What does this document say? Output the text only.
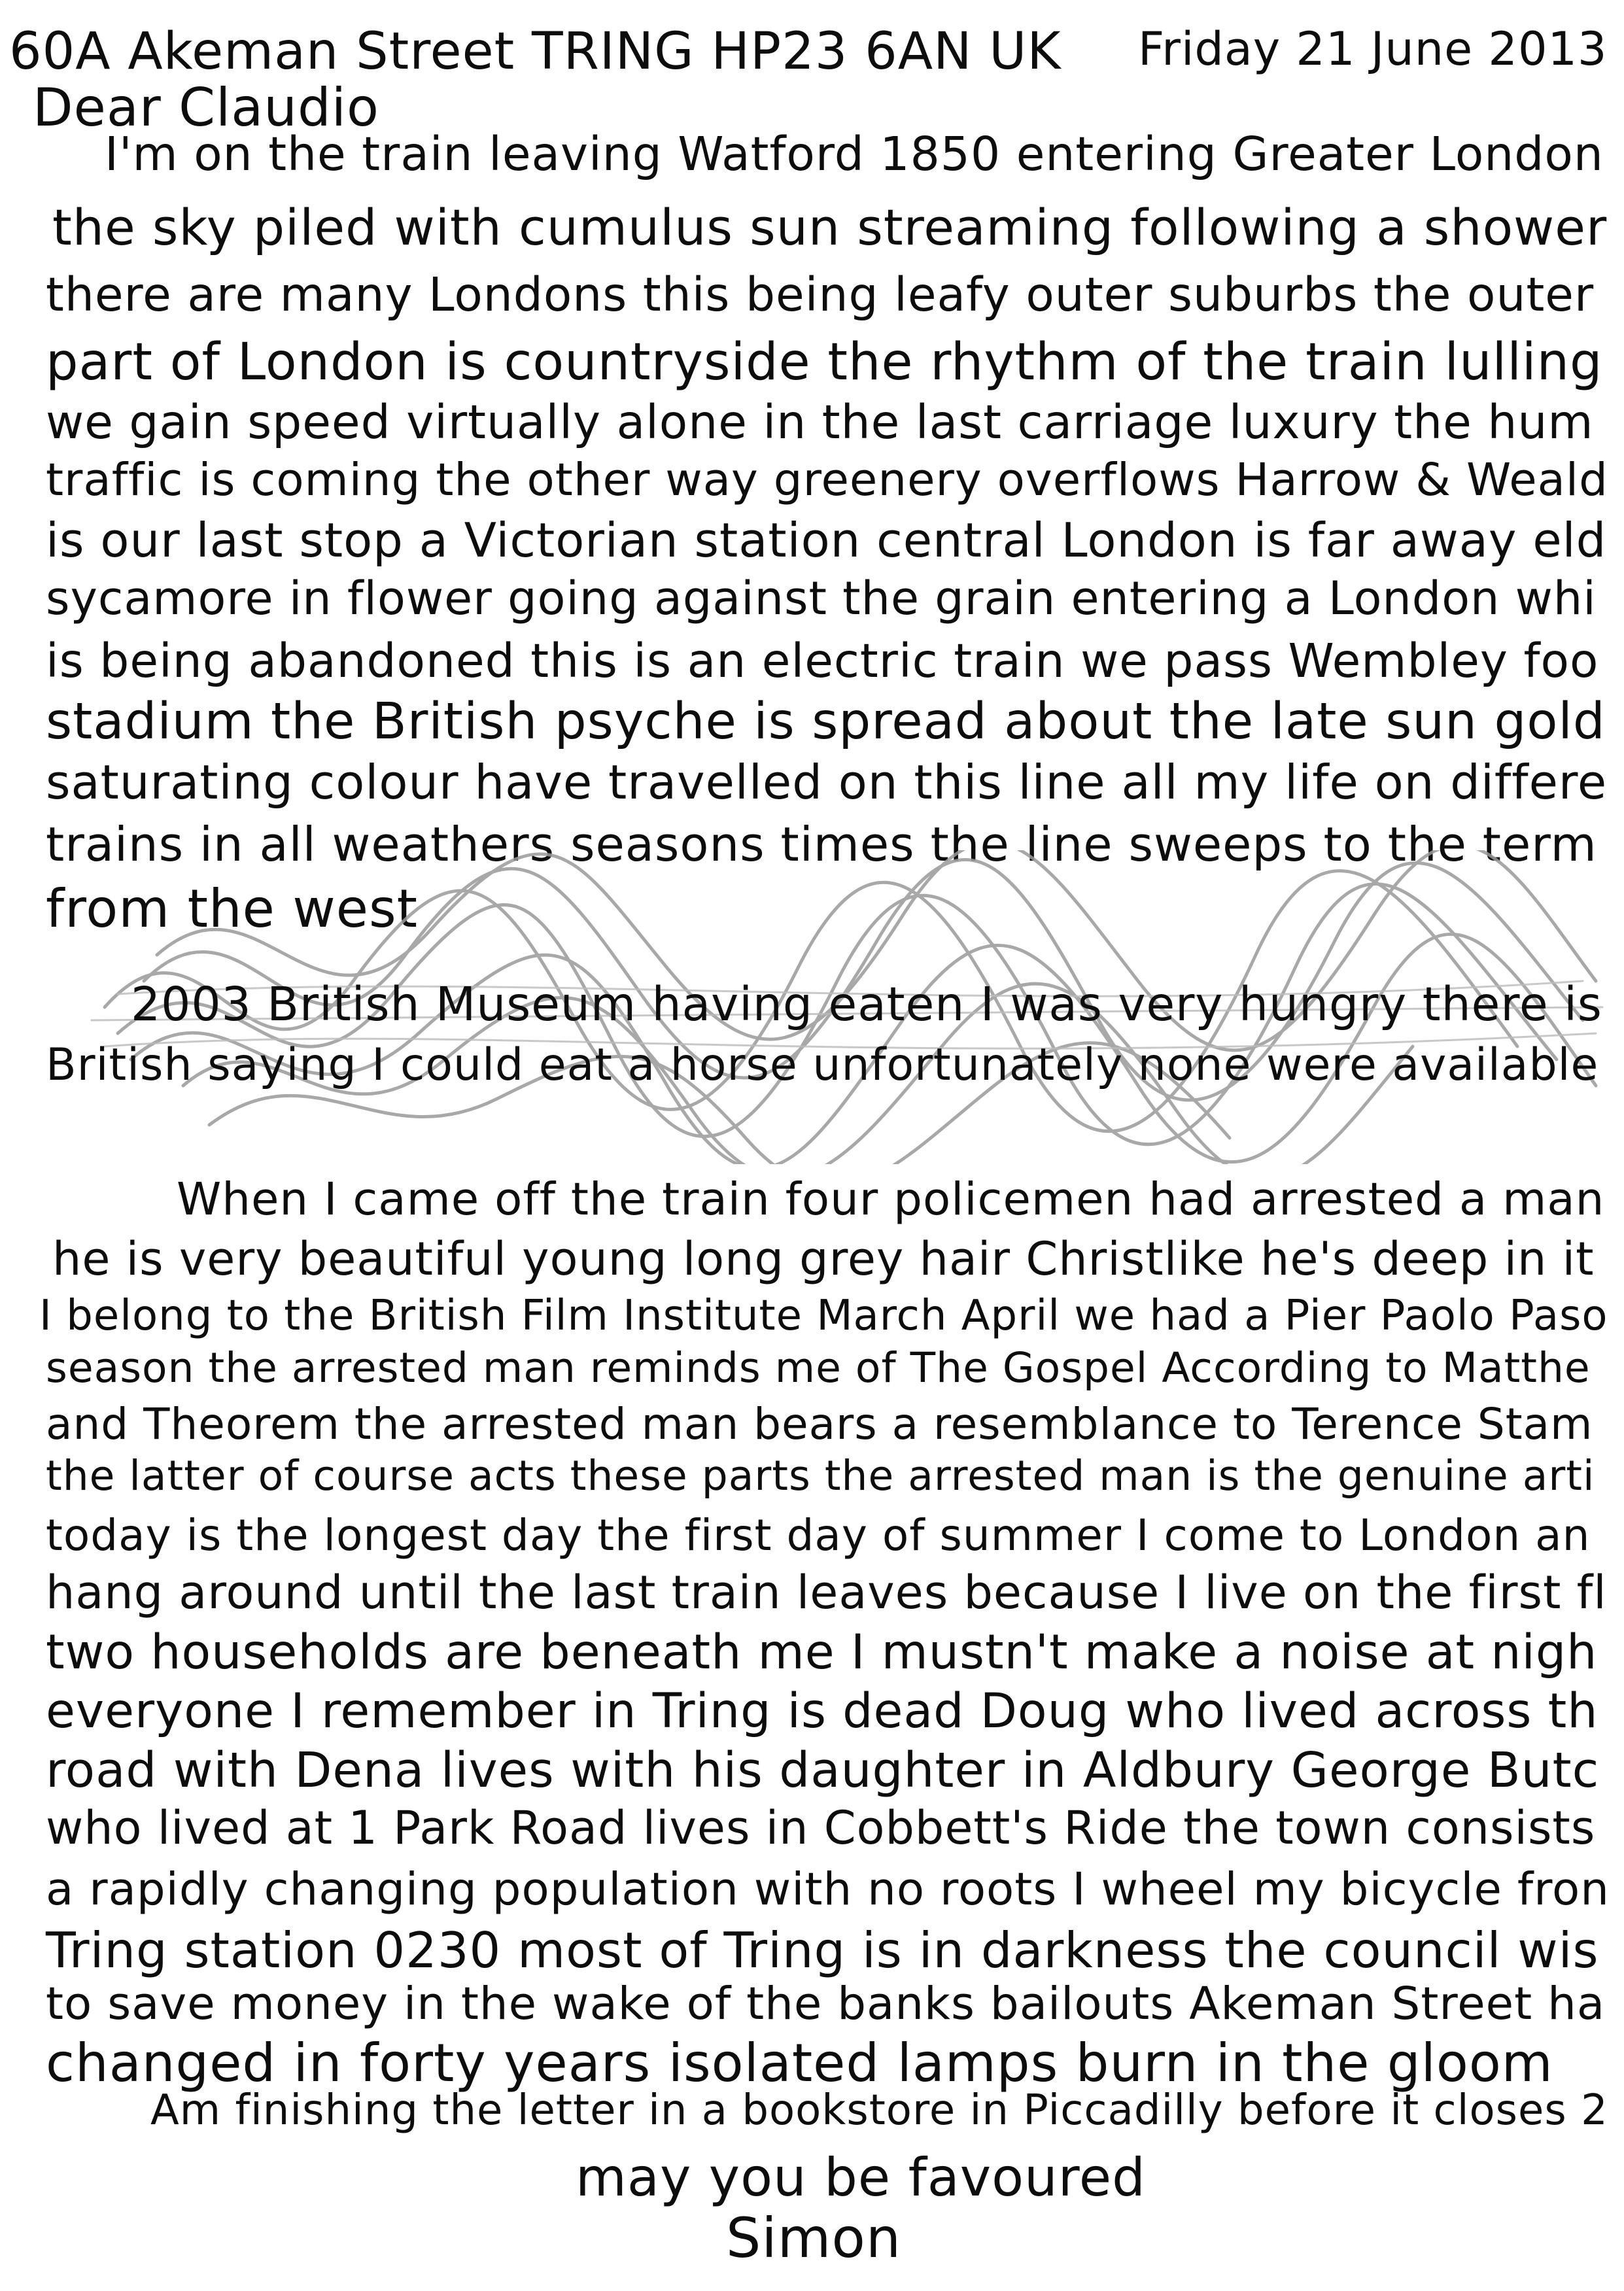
60A Akeman Street TRING HP23 6AN UK Friday 21 June 2013
Dear Claudio
I'm on the train leaving Watford 1850 entering Greater London
the sky piled with cumulus sun streaming following a shower
there are many Londons this being leafy outer suburbs the outer
part of London is countryside the rhythm of the train lulling
we gain speed virtually alone in the last carriage luxury the hum
traffic is coming the other way greenery overflows Harrow & Weald
is our last stop a Victorian station central London is far away eld
sycamore in flower going against the grain entering a London whi
is being abandoned this is an electric train we pass Wembley foo
stadium the British psyche is spread about the late sun gold
saturating colour have travelled on this line all my life on differe
trains in all weathers seasons times the line sweeps to the term
from the west
2003 British Museum having eaten I was very hungry there is
British saying I could eat a horse unfortunately none were available
When I came off the train four policemen had arrested a man
he is very beautiful young long grey hair Christlike he's deep in it
I belong to the British Film Institute March April we had a Pier Paolo Paso
season the arrested man reminds me of The Gospel According to Matthe
and Theorem the arrested man bears a resemblance to Terence Stam
the latter of course acts these parts the arrested man is the genuine arti
today is the longest day the first day of summer I come to London an
hang around until the last train leaves because I live on the first fl
two households are beneath me I mustn't make a noise at nigh
everyone I remember in Tring is dead Doug who lived across th
road with Dena lives with his daughter in Aldbury George Butc
who lived at 1 Park Road lives in Cobbett's Ride the town consists
a rapidly changing population with no roots I wheel my bicycle fron
Tring station 0230 most of Tring is in darkness the council wis
to save money in the wake of the banks bailouts Akeman Street ha
changed in forty years isolated lamps burn in the gloom
Am finishing the letter in a bookstore in Piccadilly before it closes 2
may you be favoured
Simon
